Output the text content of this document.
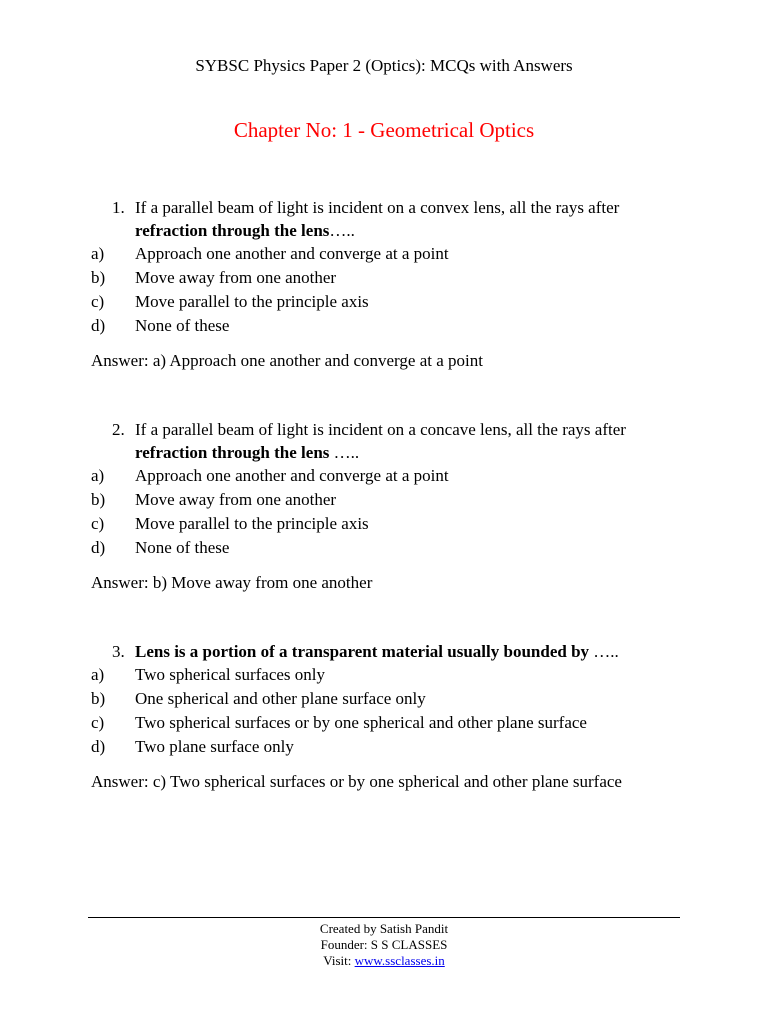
SYBSC Physics Paper 2 (Optics): MCQs with Answers
Chapter No: 1 - Geometrical Optics
1. If a parallel beam of light is incident on a convex lens, all the rays after
refraction through the lens…..
a) Approach one another and converge at a point
b) Move away from one another
c) Move parallel to the principle axis
d) None of these
Answer: a) Approach one another and converge at a point
2. If a parallel beam of light is incident on a concave lens, all the rays after
refraction through the lens …..
a) Approach one another and converge at a point
b) Move away from one another
c) Move parallel to the principle axis
d) None of these
Answer: b) Move away from one another
3. Lens is a portion of a transparent material usually bounded by …..
a) Two spherical surfaces only
b) One spherical and other plane surface only
c) Two spherical surfaces or by one spherical and other plane surface
d) Two plane surface only
Answer: c) Two spherical surfaces or by one spherical and other plane surface
Created by Satish Pandit
Founder: S S CLASSES
Visit: www.ssclasses.in
